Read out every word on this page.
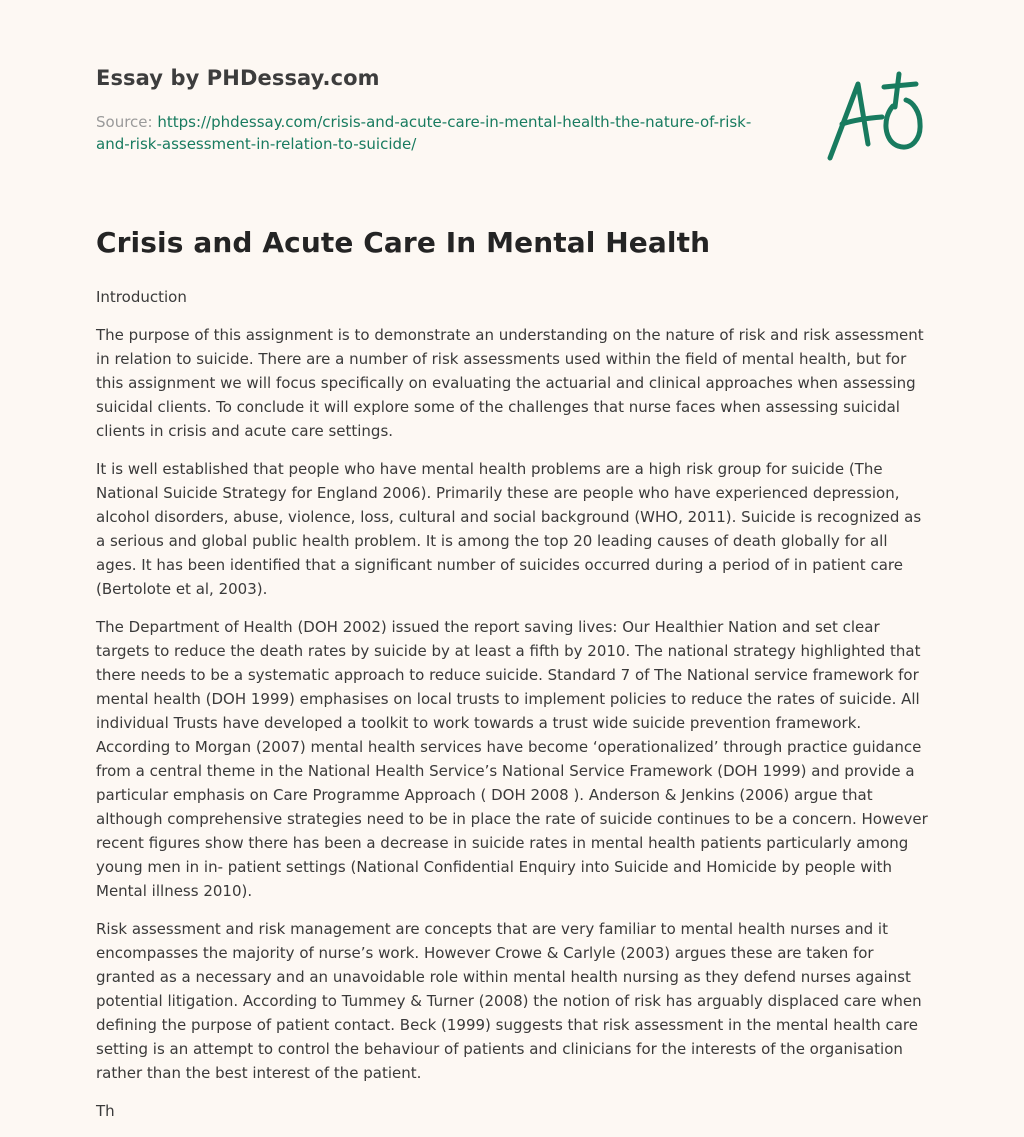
Essay by PHDessay.com
Source: https://phdessay.com/crisis-and-acute-care-in-mental-health-the-nature-of-risk-and-risk-assessment-in-relation-to-suicide/
Crisis and Acute Care In Mental Health

Introduction

The purpose of this assignment is to demonstrate an understanding on the nature of risk and risk assessment in relation to suicide. There are a number of risk assessments used within the field of mental health, but for this assignment we will focus specifically on evaluating the actuarial and clinical approaches when assessing suicidal clients. To conclude it will explore some of the challenges that nurse faces when assessing suicidal clients in crisis and acute care settings.

It is well established that people who have mental health problems are a high risk group for suicide (The National Suicide Strategy for England 2006). Primarily these are people who have experienced depression, alcohol disorders, abuse, violence, loss, cultural and social background (WHO, 2011). Suicide is recognized as a serious and global public health problem. It is among the top 20 leading causes of death globally for all ages. It has been identified that a significant number of suicides occurred during a period of in patient care (Bertolote et al, 2003).

The Department of Health (DOH 2002) issued the report saving lives: Our Healthier Nation and set clear targets to reduce the death rates by suicide by at least a fifth by 2010. The national strategy highlighted that there needs to be a systematic approach to reduce suicide. Standard 7 of The National service framework for mental health (DOH 1999) emphasises on local trusts to implement policies to reduce the rates of suicide. All individual Trusts have developed a toolkit to work towards a trust wide suicide prevention framework. According to Morgan (2007) mental health services have become ‘operationalized’ through practice guidance from a central theme in the National Health Service’s National Service Framework (DOH 1999) and provide a particular emphasis on Care Programme Approach ( DOH 2008 ). Anderson & Jenkins (2006) argue that although comprehensive strategies need to be in place the rate of suicide continues to be a concern. However recent figures show there has been a decrease in suicide rates in mental health patients particularly among young men in in- patient settings (National Confidential Enquiry into Suicide and Homicide by people with Mental illness 2010).

Risk assessment and risk management are concepts that are very familiar to mental health nurses and it encompasses the majority of nurse’s work. However Crowe & Carlyle (2003) argues these are taken for granted as a necessary and an unavoidable role within mental health nursing as they defend nurses against potential litigation. According to Tummey & Turner (2008) the notion of risk has arguably displaced care when defining the purpose of patient contact. Beck (1999) suggests that risk assessment in the mental health care setting is an attempt to control the behaviour of patients and clinicians for the interests of the organisation rather than the best interest of the patient.

Th
